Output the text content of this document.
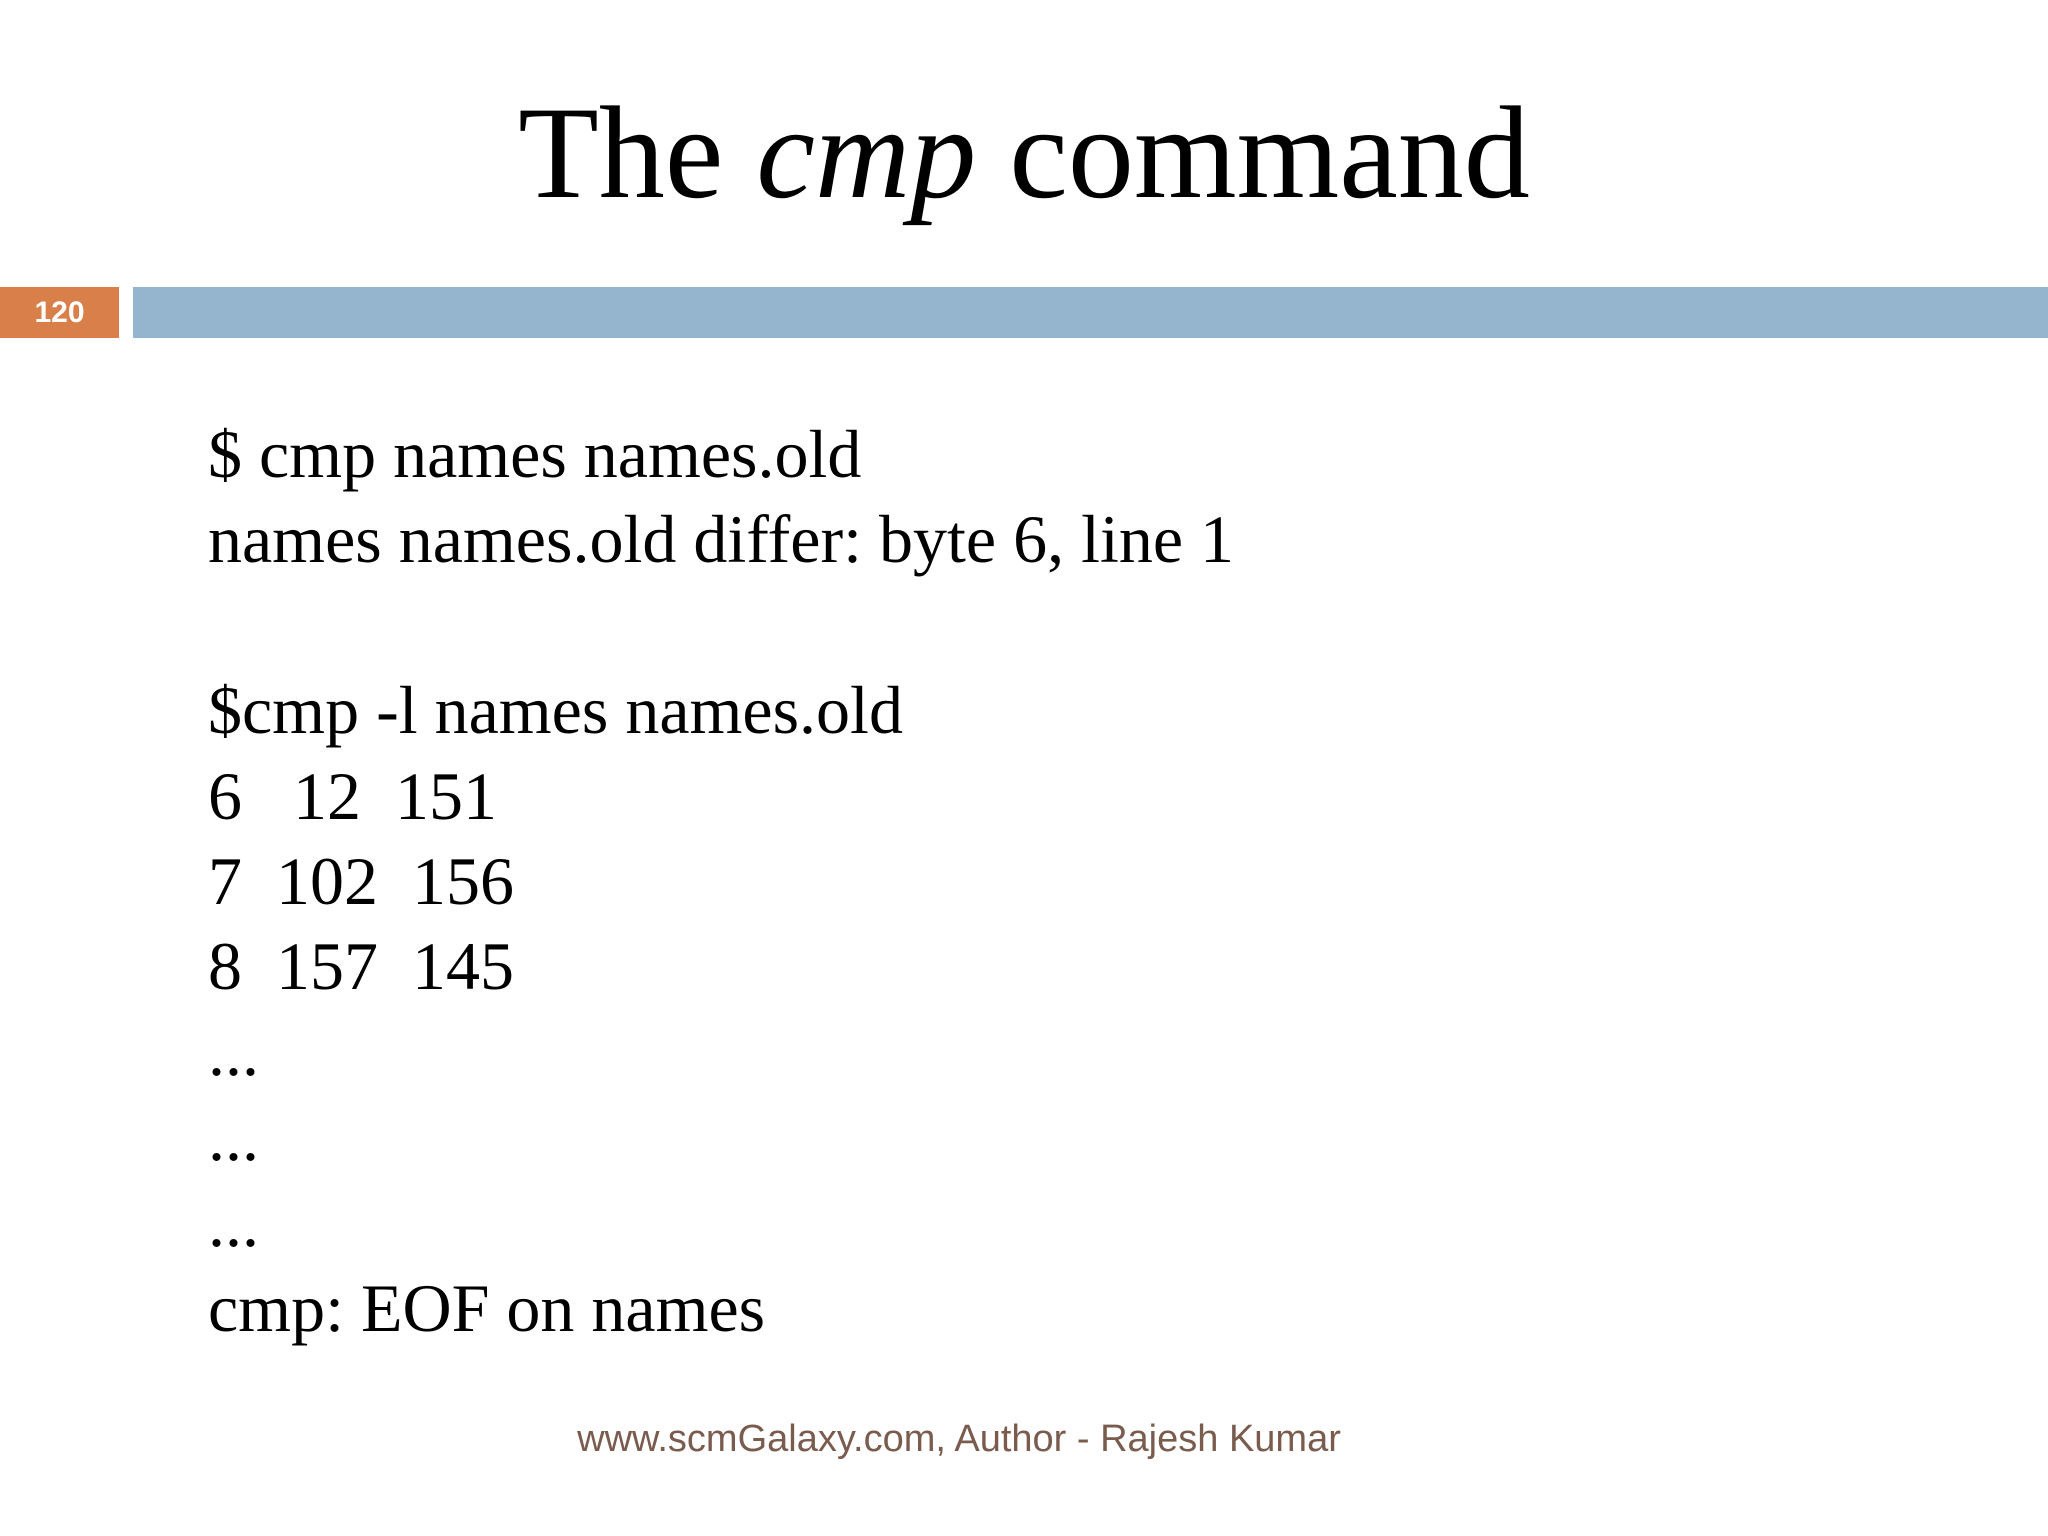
The cmp command
120
$ cmp names names.old
names names.old differ: byte 6, line 1
$cmp -l names names.old
6   12  151
7  102  156
8  157  145
...
...
...
cmp: EOF on names
www.scmGalaxy.com, Author - Rajesh Kumar
